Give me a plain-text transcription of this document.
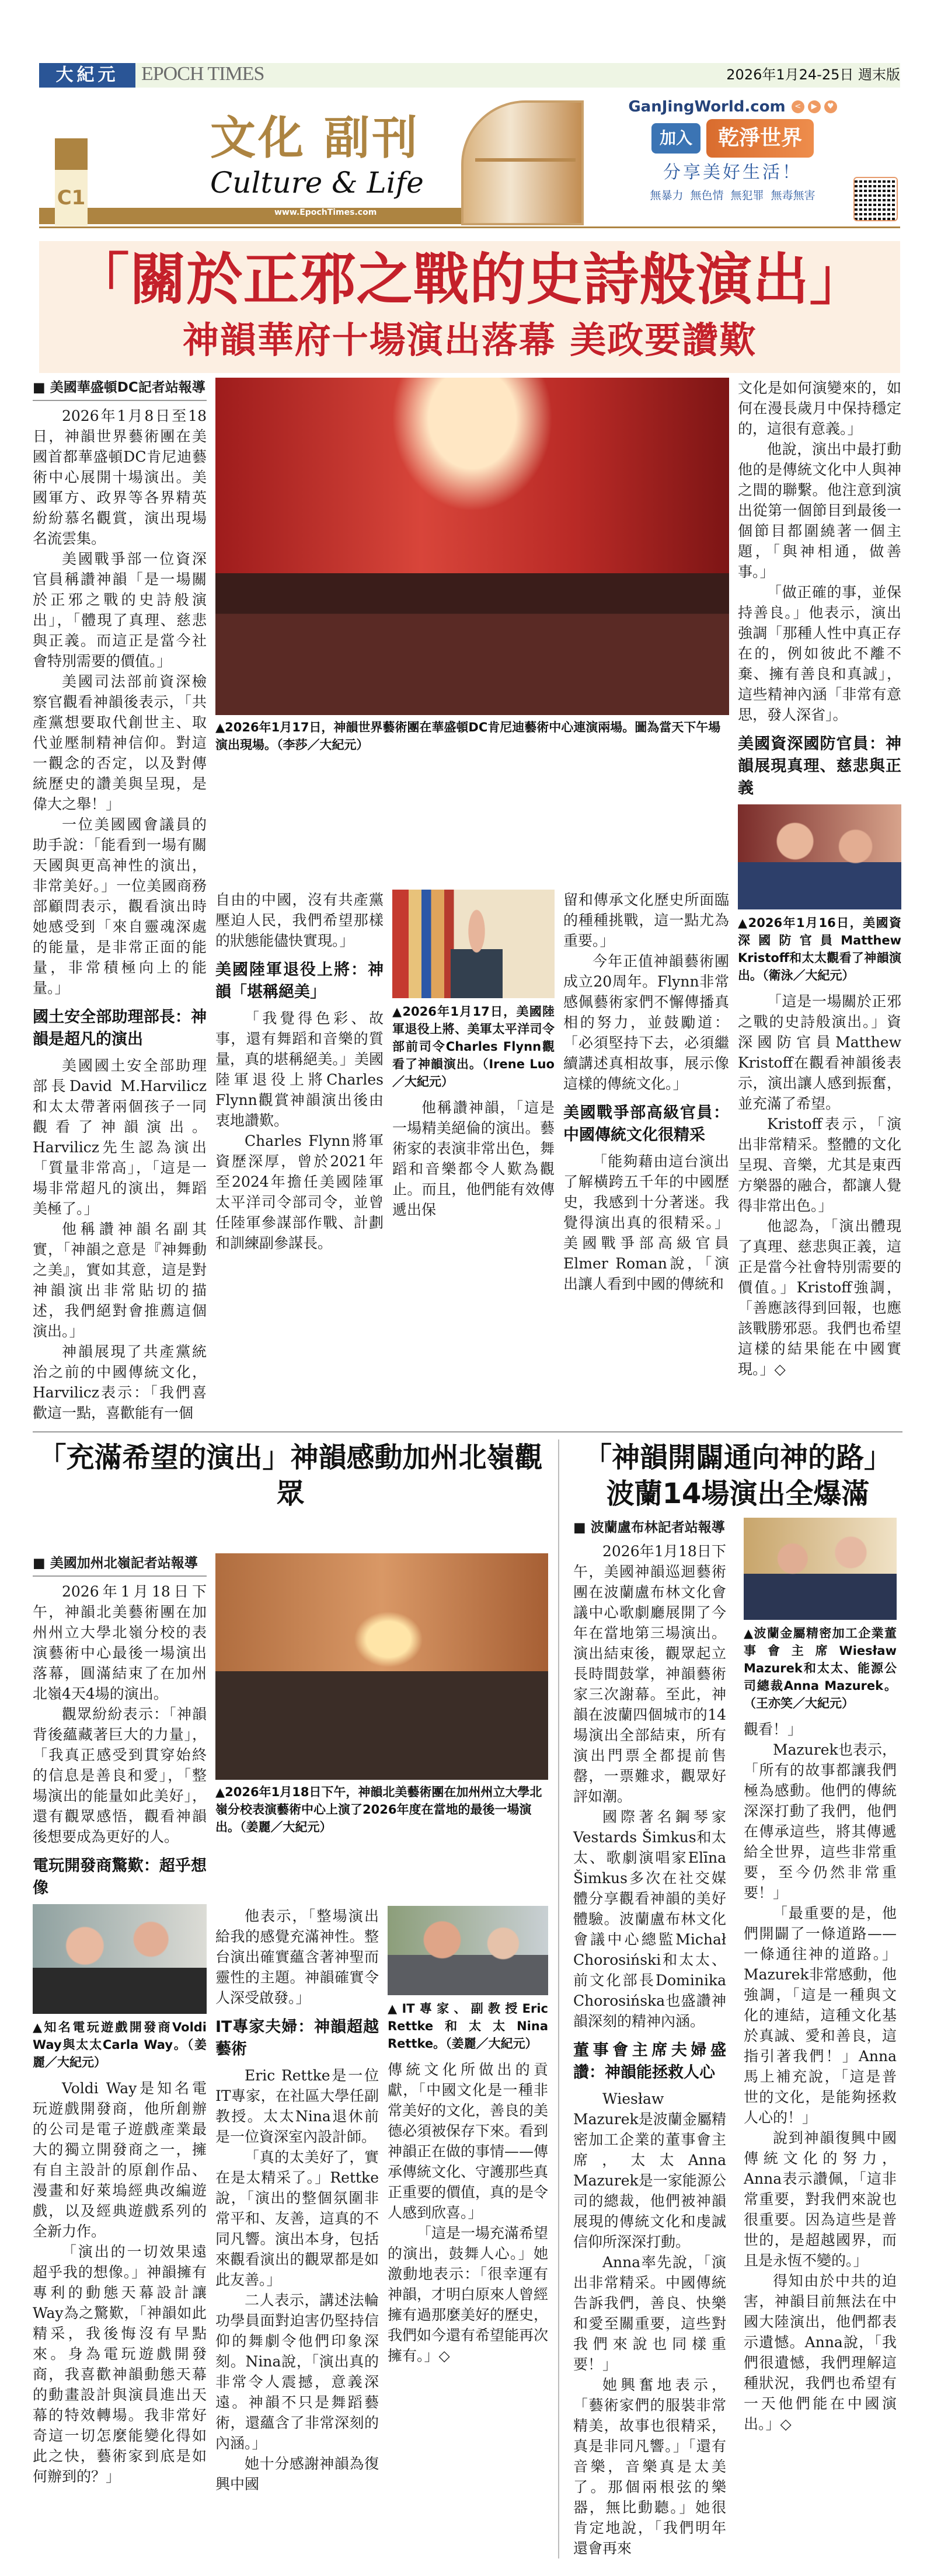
大紀元	EPOCH TIMES	2026年1月24-25日 週末版
C1
文化 副刊
Culture & Life
www.EpochTimes.com
GanJingWorld.com	<	▶	♥
加入	乾淨世界
分享美好生活！
無暴力 無色情 無犯罪 無毒無害
「關於正邪之戰的史詩般演出」
神韻華府十場演出落幕 美政要讚歎
■ 美國華盛頓DC記者站報導

2026年1月8日至18日，神韻世界藝術團在美國首都華盛頓DC肯尼迪藝術中心展開十場演出。美國軍方、政界等各界精英紛紛慕名觀賞，演出現場名流雲集。

美國戰爭部一位資深官員稱讚神韻「是一場關於正邪之戰的史詩般演出」，「體現了真理、慈悲與正義。而這正是當今社會特別需要的價值。」

美國司法部前資深檢察官觀看神韻後表示，「共產黨想要取代創世主、取代並壓制精神信仰。對這一觀念的否定，以及對傳統歷史的讚美與呈現，是偉大之舉！」

一位美國國會議員的助手說：「能看到一場有關天國與更高神性的演出，非常美好。」一位美國商務部顧問表示，觀看演出時她感受到「來自靈魂深處的能量，是非常正面的能量，非常積極向上的能量。」

國土安全部助理部長：神韻是超凡的演出

美國國土安全部助理部長David M.Harvilicz和太太帶著兩個孩子一同觀看了神韻演出。Harvilicz先生認為演出「質量非常高」，「這是一場非常超凡的演出，舞蹈美極了。」

他稱讚神韻名副其實，「神韻之意是『神舞動之美』，實如其意，這是對神韻演出非常貼切的描述，我們絕對會推薦這個演出。」

神韻展現了共產黨統治之前的中國傳統文化，Harvilicz表示：「我們喜歡這一點，喜歡能有一個

▲2026年1月17日，神韻世界藝術團在華盛頓DC肯尼迪藝術中心連演兩場。圖為當天下午場演出現場。（李莎／大紀元）

自由的中國，沒有共產黨壓迫人民，我們希望那樣的狀態能儘快實現。」

美國陸軍退役上將：神韻「堪稱絕美」

「我覺得色彩、故事，還有舞蹈和音樂的質量，真的堪稱絕美。」美國陸軍退役上將Charles Flynn觀賞神韻演出後由衷地讚歎。

Charles Flynn將軍資歷深厚，曾於2021年至2024年擔任美國陸軍太平洋司令部司令，並曾任陸軍參謀部作戰、計劃和訓練副參謀長。

▲2026年1月17日，美國陸軍退役上將、美軍太平洋司令部前司令Charles Flynn觀看了神韻演出。（Irene Luo／大紀元）

他稱讚神韻，「這是一場精美絕倫的演出。藝術家的表演非常出色，舞蹈和音樂都令人歎為觀止。而且，他們能有效傳遞出保

留和傳承文化歷史所面臨的種種挑戰，這一點尤為重要。」

今年正值神韻藝術團成立20周年。Flynn非常感佩藝術家們不懈傳播真相的努力，並鼓勵道：「必須堅持下去，必須繼續講述真相故事，展示像這樣的傳統文化。」

美國戰爭部高級官員：中國傳統文化很精采

「能夠藉由這台演出了解橫跨五千年的中國歷史，我感到十分著迷。我覺得演出真的很精采。」美國戰爭部高級官員Elmer Roman說，「演出讓人看到中國的傳統和

文化是如何演變來的，如何在漫長歲月中保持穩定的，這很有意義。」

他說，演出中最打動他的是傳統文化中人與神之間的聯繫。他注意到演出從第一個節目到最後一個節目都圍繞著一個主題，「與神相通，做善事。」

「做正確的事，並保持善良。」他表示，演出強調「那種人性中真正存在的，例如彼此不離不棄、擁有善良和真誠」，這些精神內涵「非常有意思，發人深省」。

美國資深國防官員：神韻展現真理、慈悲與正義
▲2026年1月16日，美國資深國防官員Matthew Kristoff和太太觀看了神韻演出。（衛泳／大紀元）

「這是一場關於正邪之戰的史詩般演出。」資深國防官員Matthew Kristoff在觀看神韻後表示，演出讓人感到振奮，並充滿了希望。

Kristoff表示，「演出非常精采。整體的文化呈現、音樂，尤其是東西方樂器的融合，都讓人覺得非常出色。」

他認為，「演出體現了真理、慈悲與正義，這正是當今社會特別需要的價值。」Kristoff強調，「善應該得到回報，也應該戰勝邪惡。我們也希望這樣的結果能在中國實現。」◇

「充滿希望的演出」神韻感動加州北嶺觀眾
■ 美國加州北嶺記者站報導

2026年1月18日下午，神韻北美藝術團在加州州立大學北嶺分校的表演藝術中心最後一場演出落幕，圓滿結束了在加州北嶺4天4場的演出。

觀眾紛紛表示：「神韻背後蘊藏著巨大的力量」，「我真正感受到貫穿始終的信息是善良和愛」，「整場演出的能量如此美好」，還有觀眾感悟，觀看神韻後想要成為更好的人。

電玩開發商驚歎：超乎想像
▲知名電玩遊戲開發商Voldi Way與太太Carla Way。（姜麗／大紀元）

Voldi Way是知名電玩遊戲開發商，他所創辦的公司是電子遊戲產業最大的獨立開發商之一，擁有自主設計的原創作品、漫畫和好萊塢經典改編遊戲，以及經典遊戲系列的全新力作。

「演出的一切效果遠超乎我的想像。」神韻擁有專利的動態天幕設計讓Way為之驚歎，「神韻如此精采，我後悔沒有早點來。身為電玩遊戲開發商，我喜歡神韻動態天幕的動畫設計與演員進出天幕的特效轉場。我非常好奇這一切怎麼能變化得如此之快，藝術家到底是如何辦到的？」

▲2026年1月18日下午，神韻北美藝術團在加州州立大學北嶺分校表演藝術中心上演了2026年度在當地的最後一場演出。（姜麗／大紀元）

他表示，「整場演出給我的感覺充滿神性。整台演出確實蘊含著神聖而靈性的主題。神韻確實令人深受啟發。」

IT專家夫婦：神韻超越藝術

Eric Rettke是一位IT專家，在社區大學任副教授。太太Nina退休前是一位資深室內設計師。

「真的太美好了，實在是太精采了。」Rettke說，「演出的整個氛圍非常平和、友善，這真的不同凡響。演出本身，包括來觀看演出的觀眾都是如此友善。」

二人表示，講述法輪功學員面對迫害仍堅持信仰的舞劇令他們印象深刻。Nina說，「演出真的非常令人震撼，意義深遠。神韻不只是舞蹈藝術，還蘊含了非常深刻的內涵。」

她十分感謝神韻為復興中國

▲IT專家、副教授Eric Rettke和太太Nina Rettke。（姜麗／大紀元）

傳統文化所做出的貢獻，「中國文化是一種非常美好的文化，善良的美德必須被保存下來。看到神韻正在做的事情——傳承傳統文化、守護那些真正重要的價值，真的是令人感到欣喜。」

「這是一場充滿希望的演出，鼓舞人心。」她激動地表示：「很幸運有神韻，才明白原來人曾經擁有過那麼美好的歷史，我們如今還有希望能再次擁有。」◇

「神韻開闢通向神的路」
波蘭14場演出全爆滿
■ 波蘭盧布林記者站報導

2026年1月18日下午，美國神韻巡迴藝術團在波蘭盧布林文化會議中心歌劇廳展開了今年在當地第三場演出。演出結束後，觀眾起立長時間鼓掌，神韻藝術家三次謝幕。至此，神韻在波蘭四個城市的14場演出全部結束，所有演出門票全都提前售罄，一票難求，觀眾好評如潮。

國際著名鋼琴家Vestards Šimkus和太太、歌劇演唱家Elīna Šimkus多次在社交媒體分享觀看神韻的美好體驗。波蘭盧布林文化會議中心總監Michał Chorosiński和太太、前文化部長Dominika Chorosińska也盛讚神韻深刻的精神內涵。

董事會主席夫婦盛讚：神韻能拯救人心

Wiesław Mazurek是波蘭金屬精密加工企業的董事會主席，太太Anna Mazurek是一家能源公司的總裁，他們被神韻展現的傳統文化和虔誠信仰所深深打動。

Anna率先說，「演出非常精采。中國傳統告訴我們，善良、快樂和愛至關重要，這些對我們來說也同樣重要！」

她興奮地表示，「藝術家們的服裝非常精美，故事也很精采，真是非同凡響。」「還有音樂，音樂真是太美了。那個兩根弦的樂器，無比動聽。」她很肯定地說，「我們明年還會再來

▲波蘭金屬精密加工企業董事會主席Wiesław Mazurek和太太、能源公司總裁Anna Mazurek。（王亦笑／大紀元）

觀看！」

Mazurek也表示，「所有的故事都讓我們極為感動。他們的傳統深深打動了我們，他們在傳承這些，將其傳遞給全世界，這些非常重要，至今仍然非常重要！」

「最重要的是，他們開闢了一條道路——一條通往神的道路。」Mazurek非常感動，他強調，「這是一種與文化的連結，這種文化基於真誠、愛和善良，這指引著我們！」Anna馬上補充說，「這是普世的文化，是能夠拯救人心的！」

說到神韻復興中國傳統文化的努力，Anna表示讚佩，「這非常重要，對我們來說也很重要。因為這些是普世的，是超越國界，而且是永恆不變的。」

得知由於中共的迫害，神韻目前無法在中國大陸演出，他們都表示遺憾。Anna說，「我們很遺憾，我們理解這種狀況，我們也希望有一天他們能在中國演出。」◇
